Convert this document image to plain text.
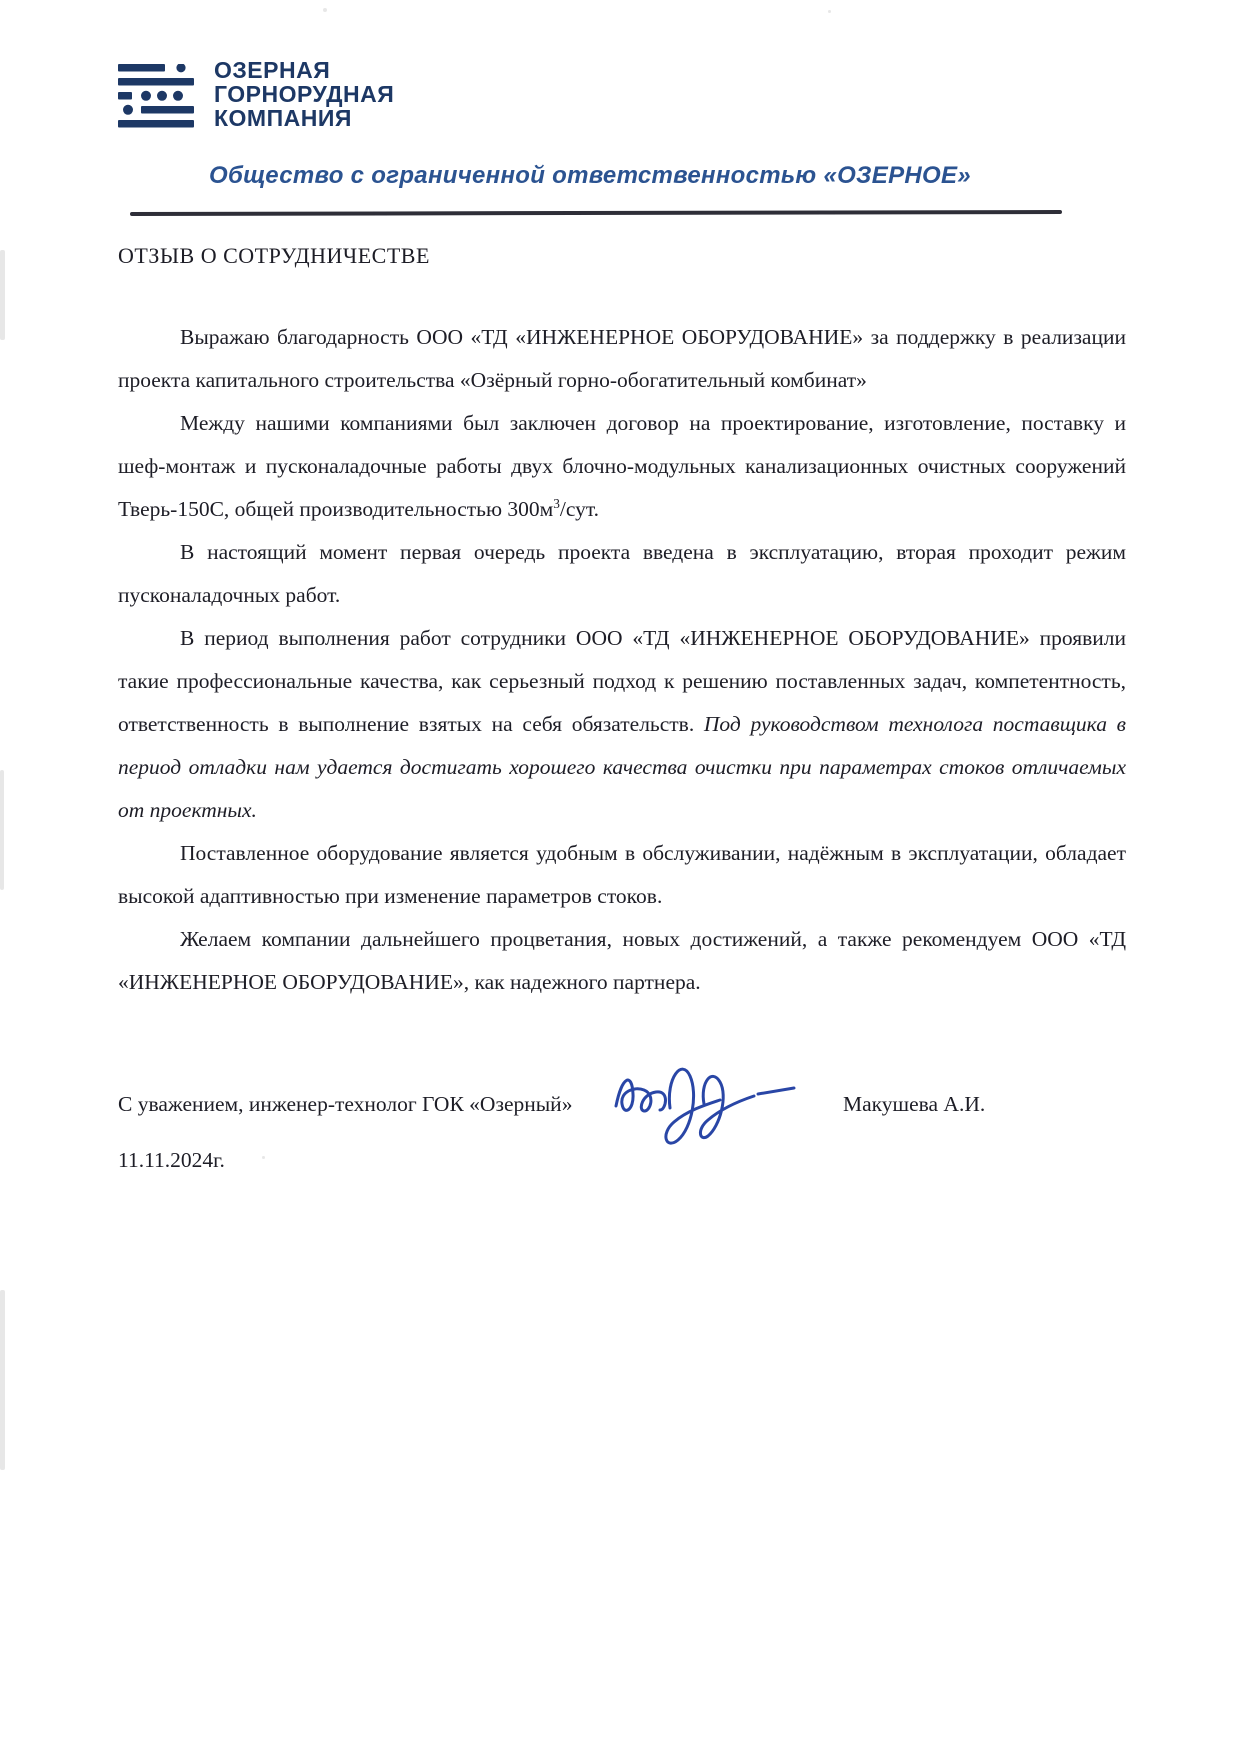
ОЗЕРНАЯ
ГОРНОРУДНАЯ
КОМПАНИЯ
Общество с ограниченной ответственностью «ОЗЕРНОЕ»
ОТЗЫВ О СОТРУДНИЧЕСТВЕ

Выражаю благодарность ООО «ТД «ИНЖЕНЕРНОЕ ОБОРУДОВАНИЕ» за поддержку в реализации проекта капитального строительства «Озёрный горно-обогатительный комбинат»

Между нашими компаниями был заключен договор на проектирование, изготовление, поставку и шеф-монтаж и пусконаладочные работы двух блочно-модульных канализационных очистных сооружений Тверь-150С, общей производительностью $300м^3$/сут.

В настоящий момент первая очередь проекта введена в эксплуатацию, вторая проходит режим пусконаладочных работ.

В период выполнения работ сотрудники ООО «ТД «ИНЖЕНЕРНОЕ ОБОРУДОВАНИЕ» проявили такие профессиональные качества, как серьезный подход к решению поставленных задач, компетентность, ответственность в выполнение взятых на себя обязательств. Под руководством технолога поставщика в период отладки нам удается достигать хорошего качества очистки при параметрах стоков отличаемых от проектных.

Поставленное оборудование является удобным в обслуживании, надёжным в эксплуатации, обладает высокой адаптивностью при изменение параметров стоков.

Желаем компании дальнейшего процветания, новых достижений, а также рекомендуем ООО «ТД «ИНЖЕНЕРНОЕ ОБОРУДОВАНИЕ», как надежного партнера.

С уважением, инженер-технолог ГОК «Озерный»	Макушева А.И.
11.11.2024г.
